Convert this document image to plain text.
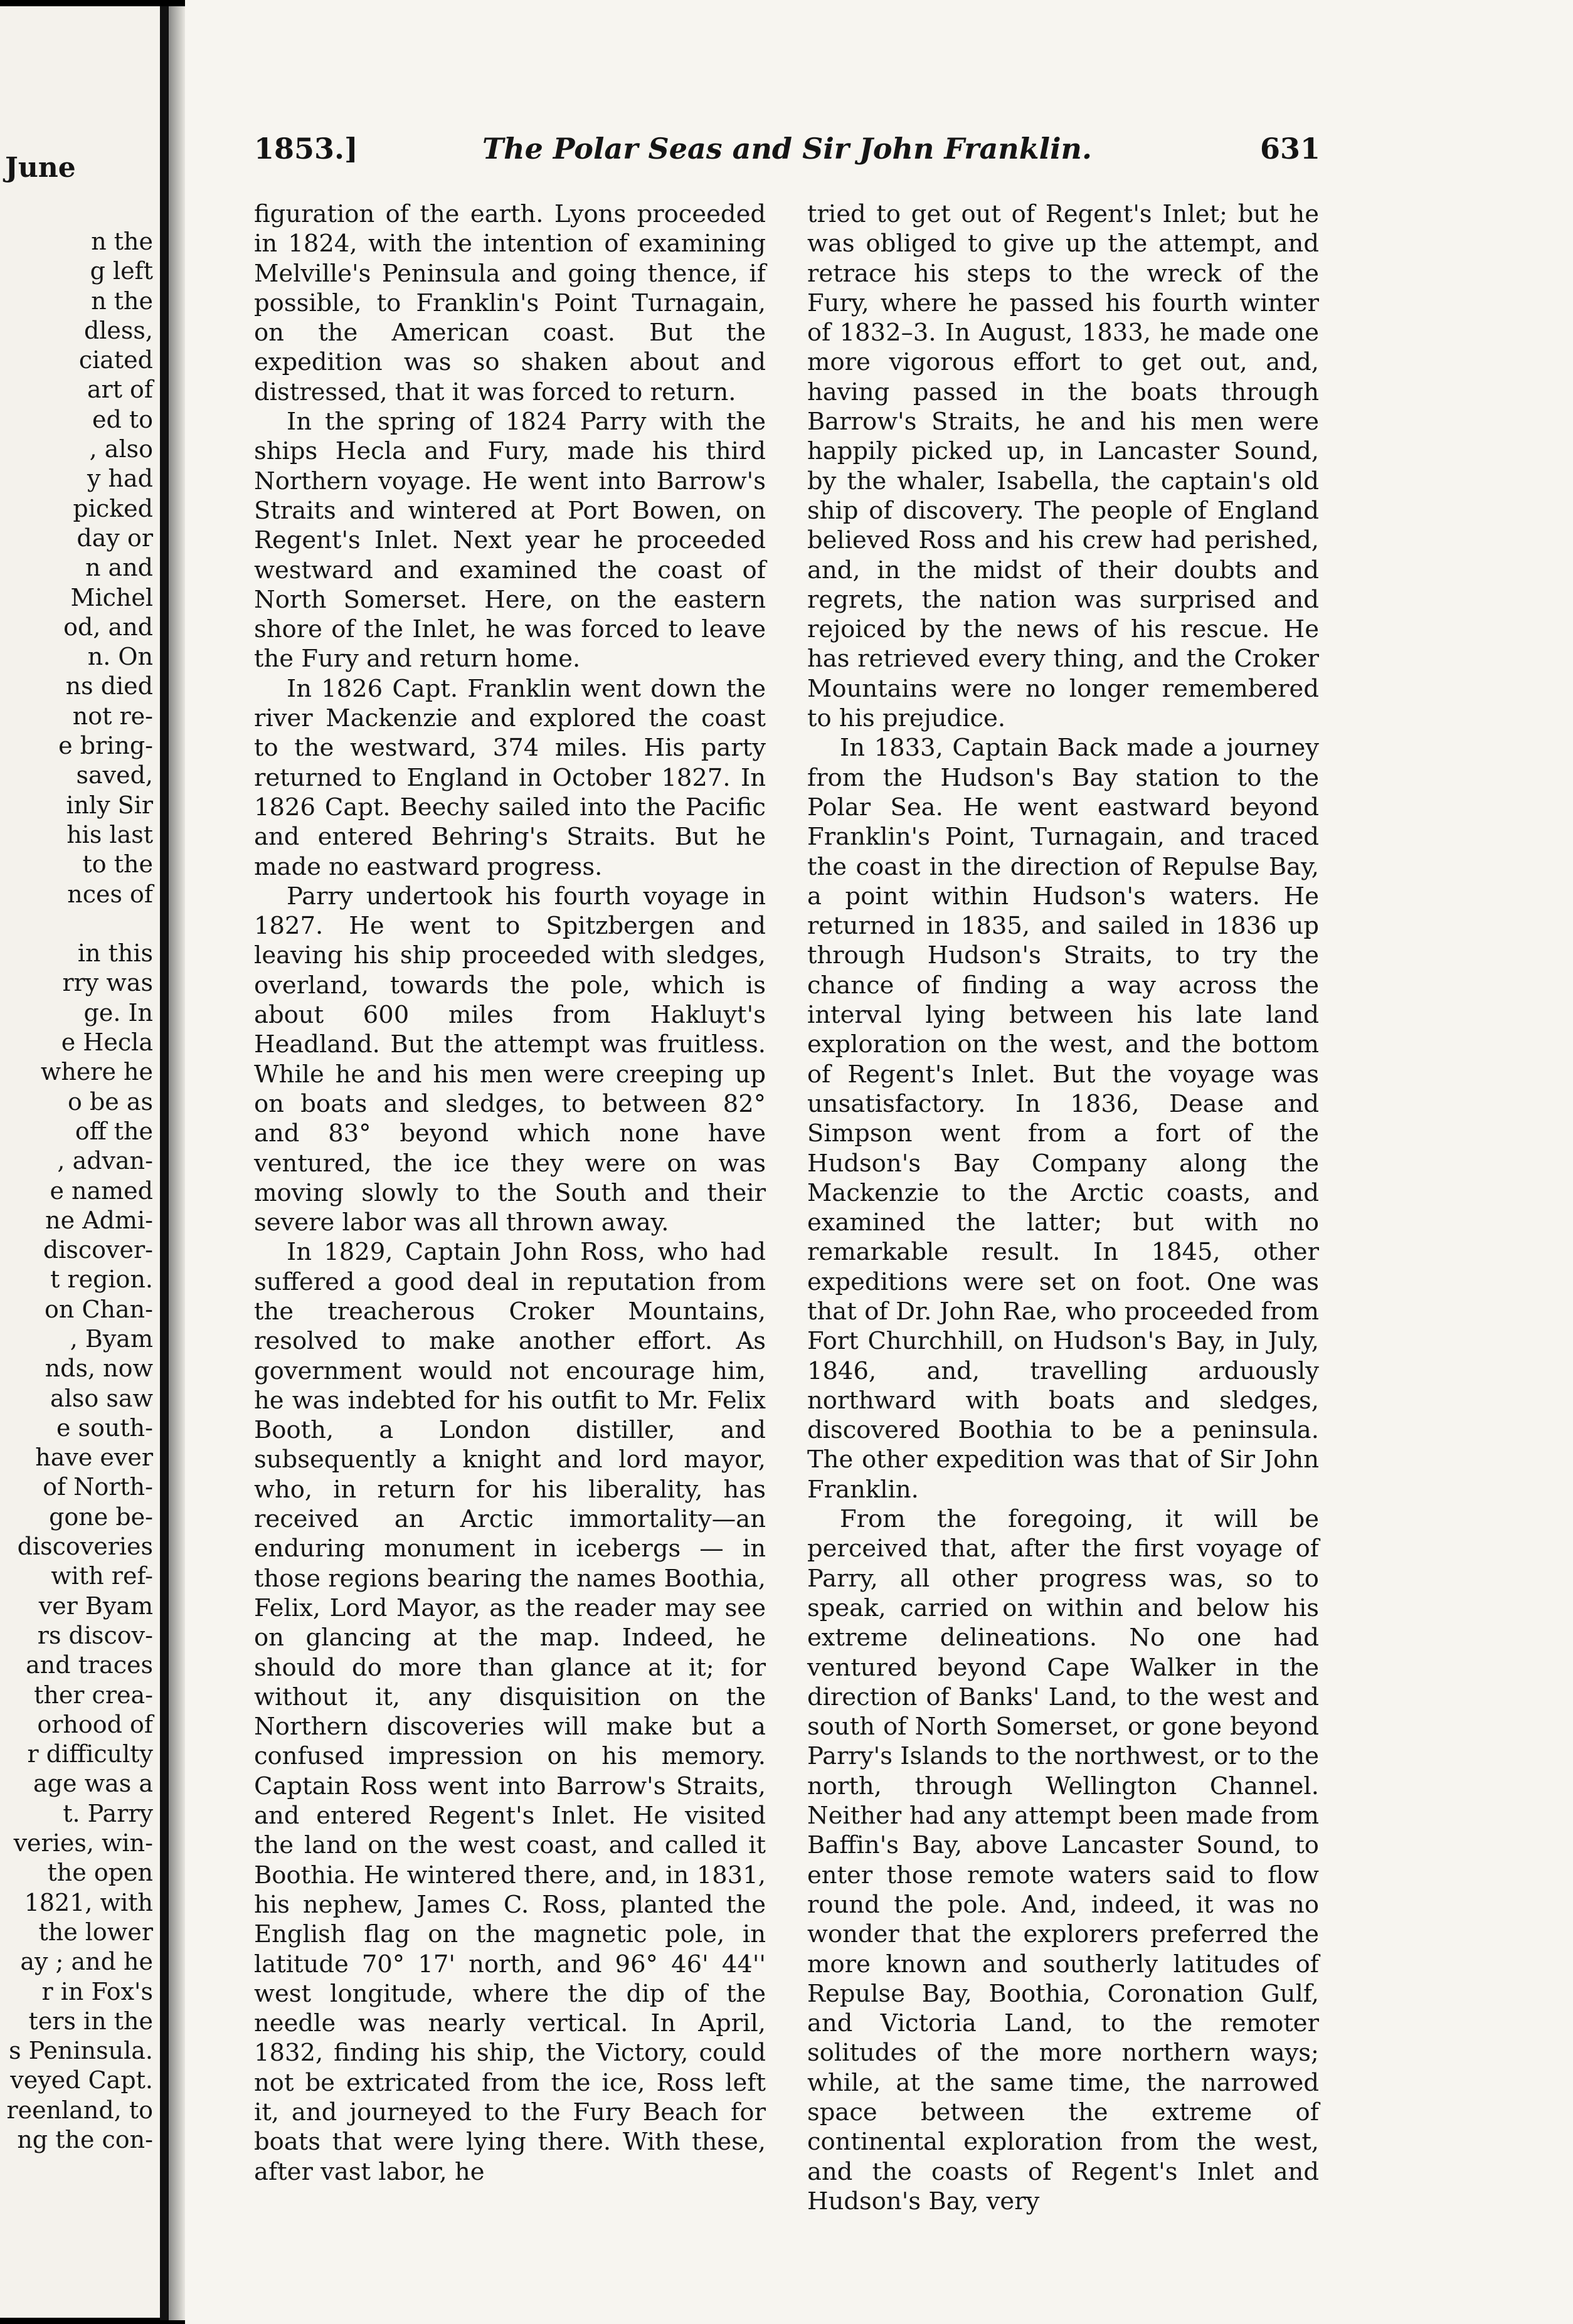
June
n the
g left
n the
dless,
ciated
art of
ed to
, also
y had
picked
day or
n and
Michel
od, and
n. On
ns died
not re-
e bring-
saved,
inly Sir
his last
to the
nces of

in this
rry was
ge. In
e Hecla
where he
o be as
off the
, advan-
e named
ne Admi-
discover-
t region.
on Chan-
, Byam
nds, now
also saw
e south-
have ever
of North-
gone be-
discoveries
with ref-
ver Byam
rs discov-
and traces
ther crea-
orhood of
r difficulty
age was a
t. Parry
veries, win-
the open
1821, with
the lower
ay ; and he
r in Fox's
ters in the
s Peninsula.
veyed Capt.
reenland, to
ng the con-
The Polar Seas and Sir John Franklin.
1853.]	631

figuration of the earth. Lyons proceeded in 1824, with the intention of examining Melville's Peninsula and going thence, if possible, to Franklin's Point Turnagain, on the American coast. But the expedition was so shaken about and distressed, that it was forced to return.

In the spring of 1824 Parry with the ships Hecla and Fury, made his third Northern voyage. He went into Barrow's Straits and wintered at Port Bowen, on Regent's Inlet. Next year he proceeded westward and examined the coast of North Somerset. Here, on the eastern shore of the Inlet, he was forced to leave the Fury and return home.

In 1826 Capt. Franklin went down the river Mackenzie and explored the coast to the westward, 374 miles. His party returned to England in October 1827. In 1826 Capt. Beechy sailed into the Pacific and entered Behring's Straits. But he made no eastward progress.

Parry undertook his fourth voyage in 1827. He went to Spitzbergen and leaving his ship proceeded with sledges, overland, towards the pole, which is about 600 miles from Hakluyt's Headland. But the attempt was fruitless. While he and his men were creeping up on boats and sledges, to between 82° and 83° beyond which none have ventured, the ice they were on was moving slowly to the South and their severe labor was all thrown away.

In 1829, Captain John Ross, who had suffered a good deal in reputation from the treacherous Croker Mountains, resolved to make another effort. As government would not encourage him, he was indebted for his outfit to Mr. Felix Booth, a London distiller, and subsequently a knight and lord mayor, who, in return for his liberality, has received an Arctic immortality—an enduring monument in icebergs — in those regions bearing the names Boothia, Felix, Lord Mayor, as the reader may see on glancing at the map. Indeed, he should do more than glance at it; for without it, any disquisition on the Northern discoveries will make but a confused impression on his memory. Captain Ross went into Barrow's Straits, and entered Regent's Inlet. He visited the land on the west coast, and called it Boothia. He wintered there, and, in 1831, his nephew, James C. Ross, planted the English flag on the magnetic pole, in latitude 70° 17' north, and 96° 46' 44'' west longitude, where the dip of the needle was nearly vertical. In April, 1832, finding his ship, the Victory, could not be extricated from the ice, Ross left it, and journeyed to the Fury Beach for boats that were lying there. With these, after vast labor, he

tried to get out of Regent's Inlet; but he was obliged to give up the attempt, and retrace his steps to the wreck of the Fury, where he passed his fourth winter of 1832–3. In August, 1833, he made one more vigorous effort to get out, and, having passed in the boats through Barrow's Straits, he and his men were happily picked up, in Lancaster Sound, by the whaler, Isabella, the captain's old ship of discovery. The people of England believed Ross and his crew had perished, and, in the midst of their doubts and regrets, the nation was surprised and rejoiced by the news of his rescue. He has retrieved every thing, and the Croker Mountains were no longer remembered to his prejudice.

In 1833, Captain Back made a journey from the Hudson's Bay station to the Polar Sea. He went eastward beyond Franklin's Point, Turnagain, and traced the coast in the direction of Repulse Bay, a point within Hudson's waters. He returned in 1835, and sailed in 1836 up through Hudson's Straits, to try the chance of finding a way across the interval lying between his late land exploration on the west, and the bottom of Regent's Inlet. But the voyage was unsatisfactory. In 1836, Dease and Simpson went from a fort of the Hudson's Bay Company along the Mackenzie to the Arctic coasts, and examined the latter; but with no remarkable result. In 1845, other expeditions were set on foot. One was that of Dr. John Rae, who proceeded from Fort Churchhill, on Hudson's Bay, in July, 1846, and, travelling arduously northward with boats and sledges, discovered Boothia to be a peninsula. The other expedition was that of Sir John Franklin.

From the foregoing, it will be perceived that, after the first voyage of Parry, all other progress was, so to speak, carried on within and below his extreme delineations. No one had ventured beyond Cape Walker in the direction of Banks' Land, to the west and south of North Somerset, or gone beyond Parry's Islands to the northwest, or to the north, through Wellington Channel. Neither had any attempt been made from Baffin's Bay, above Lancaster Sound, to enter those remote waters said to flow round the pole. And, indeed, it was no wonder that the explorers preferred the more known and southerly latitudes of Repulse Bay, Boothia, Coronation Gulf, and Victoria Land, to the remoter solitudes of the more northern ways; while, at the same time, the narrowed space between the extreme of continental exploration from the west, and the coasts of Regent's Inlet and Hudson's Bay, very
